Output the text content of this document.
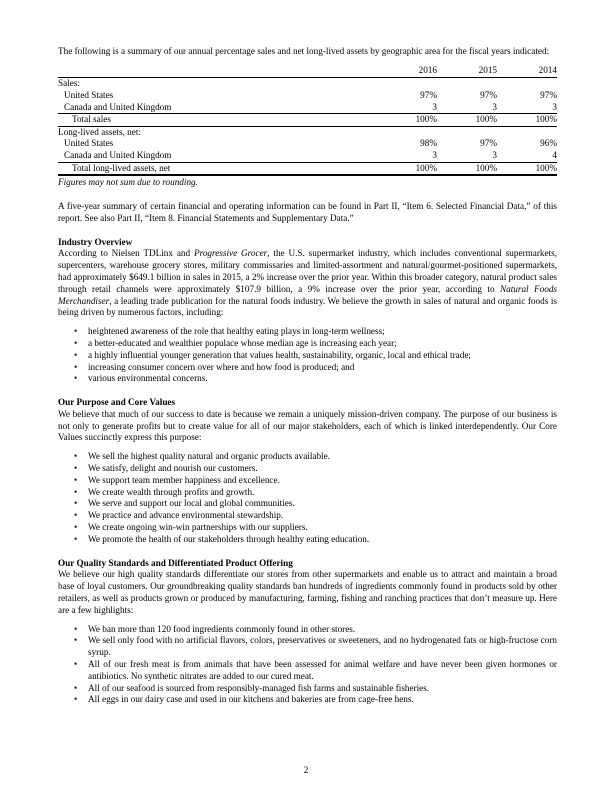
The following is a summary of our annual percentage sales and net long-lived assets by geographic area for the fiscal years indicated:

	2016	2015	2014
Sales:			
United States	97%	97%	97%
Canada and United Kingdom	3	3	3
Total sales	100%	100%	100%
Long-lived assets, net:			
United States	98%	97%	96%
Canada and United Kingdom	3	3	4
Total long-lived assets, net	100%	100%	100%

Figures may not sum due to rounding.

A five-year summary of certain financial and operating information can be found in Part II, “Item 6. Selected Financial Data,” of this report. See also Part II, “Item 8. Financial Statements and Supplementary Data.”

Industry Overview

According to Nielsen TDLinx and Progressive Grocer, the U.S. supermarket industry, which includes conventional supermarkets, supercenters, warehouse grocery stores, military commissaries and limited-assortment and natural/gourmet-positioned supermarkets, had approximately $649.1 billion in sales in 2015, a 2% increase over the prior year. Within this broader category, natural product sales through retail channels were approximately $107.9 billion, a 9% increase over the prior year, according to Natural Foods Merchandiser, a leading trade publication for the natural foods industry. We believe the growth in sales of natural and organic foods is being driven by numerous factors, including:

• heightened awareness of the role that healthy eating plays in long-term wellness;
• a better-educated and wealthier populace whose median age is increasing each year;
• a highly influential younger generation that values health, sustainability, organic, local and ethical trade;
• increasing consumer concern over where and how food is produced; and
• various environmental concerns.
Our Purpose and Core Values

We believe that much of our success to date is because we remain a uniquely mission-driven company. The purpose of our business is not only to generate profits but to create value for all of our major stakeholders, each of which is linked interdependently. Our Core Values succinctly express this purpose:

• We sell the highest quality natural and organic products available.
• We satisfy, delight and nourish our customers.
• We support team member happiness and excellence.
• We create wealth through profits and growth.
• We serve and support our local and global communities.
• We practice and advance environmental stewardship.
• We create ongoing win-win partnerships with our suppliers.
• We promote the health of our stakeholders through healthy eating education.
Our Quality Standards and Differentiated Product Offering

We believe our high quality standards differentiate our stores from other supermarkets and enable us to attract and maintain a broad base of loyal customers. Our groundbreaking quality standards ban hundreds of ingredients commonly found in products sold by other retailers, as well as products grown or produced by manufacturing, farming, fishing and ranching practices that don’t measure up. Here are a few highlights:

• We ban more than 120 food ingredients commonly found in other stores.
• We sell only food with no artificial flavors, colors, preservatives or sweeteners, and no hydrogenated fats or high-fructose corn syrup.
• All of our fresh meat is from animals that have been assessed for animal welfare and have never been given hormones or antibiotics. No synthetic nitrates are added to our cured meat.
• All of our seafood is sourced from responsibly-managed fish farms and sustainable fisheries.
• All eggs in our dairy case and used in our kitchens and bakeries are from cage-free hens.
2
